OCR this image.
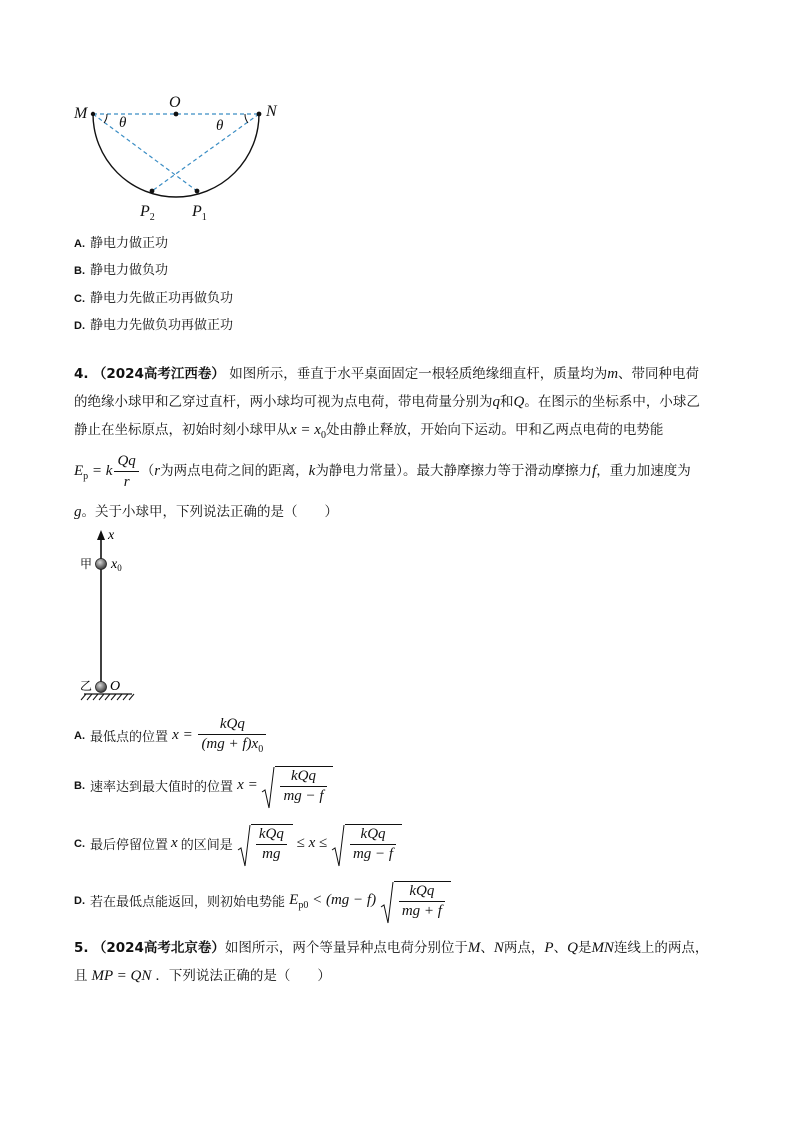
M
O
N
θ	θ
$P_2$ $P_1$
A. 静电力做正功
B. 静电力做负功
C. 静电力先做正功再做负功
D. 静电力先做负功再做正功
4. （2024高考江西卷） 如图所示，垂直于水平桌面固定一根轻质绝缘细直杆，质量均为m、带同种电荷
的绝缘小球甲和乙穿过直杆，两小球均可视为点电荷，带电荷量分别为q和Q。在图示的坐标系中，小球乙
静止在坐标原点，初始时刻小球甲从$x = x_0$处由静止释放，开始向下运动。甲和乙两点电荷的电势能
$E_p = k \frac{Qq}{r} (r$为两点电荷之间的距离，k为静电力常量）。最大静摩擦力等于滑动摩擦力f，重力加速度为
g。关于小球甲，下列说法正确的是（　　）
x
甲 $x_0$
乙 O
A. 最低点的位置 $x = \frac{\text{kQq}}{(mg + f)x_0}$
B. 速率达到最大值时的位置 $x = \frac{\text{kQq}}{mg - f}$
C. 最后停留位置 x 的区间是 $\frac{\text{kQq}}{mg} \le x \le \frac{\text{kQq}}{mg - f}$
D. 若在最低点能返回，则初始电势能 $E_{p0} < (mg - f) \frac{\text{kQq}}{mg + f}$
5. （2024高考北京卷）如图所示，两个等量异种点电荷分别位于M、N两点，P、Q是MN连线上的两点，
且 MP = QN ．下列说法正确的是（　　）
